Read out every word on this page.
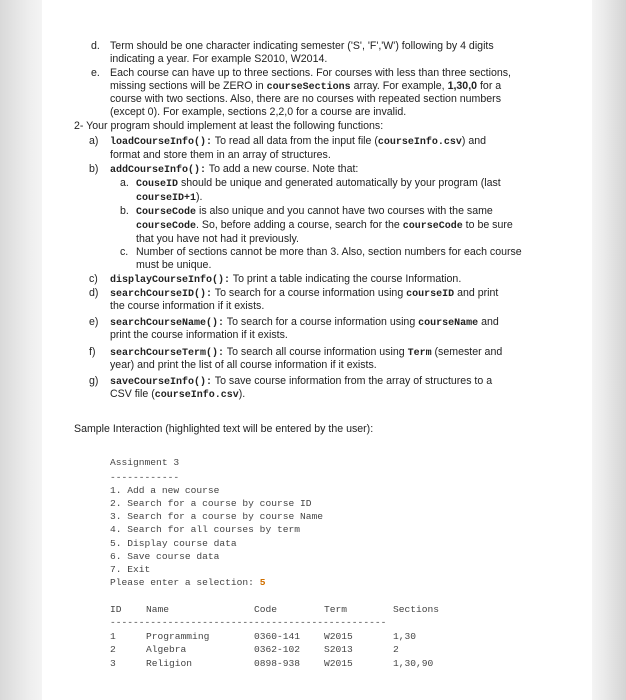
d. Term should be one character indicating semester ('S', 'F','W') following by 4 digits
indicating a year. For example S2010, W2014.
e. Each course can have up to three sections. For courses with less than three sections,
missing sections will be ZERO in courseSections array. For example, 1,30,0 for a
course with two sections. Also, there are no courses with repeated section numbers
(except 0). For example, sections 2,2,0 for a course are invalid.
2- Your program should implement at least the following functions:
a) loadCourseInfo(): To read all data from the input file (courseInfo.csv) and
format and store them in an array of structures.
b) addCourseInfo(): To add a new course. Note that:
a. CouseID should be unique and generated automatically by your program (last
courseID+1).
b. CourseCode is also unique and you cannot have two courses with the same
courseCode. So, before adding a course, search for the courseCode to be sure
that you have not had it previously.
c. Number of sections cannot be more than 3. Also, section numbers for each course
must be unique.
c) displayCourseInfo(): To print a table indicating the course Information.
d) searchCourseID(): To search for a course information using courseID and print
the course information if it exists.
e) searchCourseName(): To search for a course information using courseName and
print the course information if it exists.
f) searchCourseTerm(): To search all course information using Term (semester and
year) and print the list of all course information if it exists.
g) saveCourseInfo(): To save course information from the array of structures to a
CSV file (courseInfo.csv).
Sample Interaction (highlighted text will be entered by the user):
Assignment 3
------------
1. Add a new course
2. Search for a course by course ID
3. Search for a course by course Name
4. Search for all courses by term
5. Display course data
6. Save course data
7. Exit
Please enter a selection: 5
ID	Name	Code	Term	Sections
------------------------------------------------
1	Programming	0360-141 W2015	1,30
2	Algebra	0362-102 S2013	2
3	Religion	0898-938 W2015	1,30,90
